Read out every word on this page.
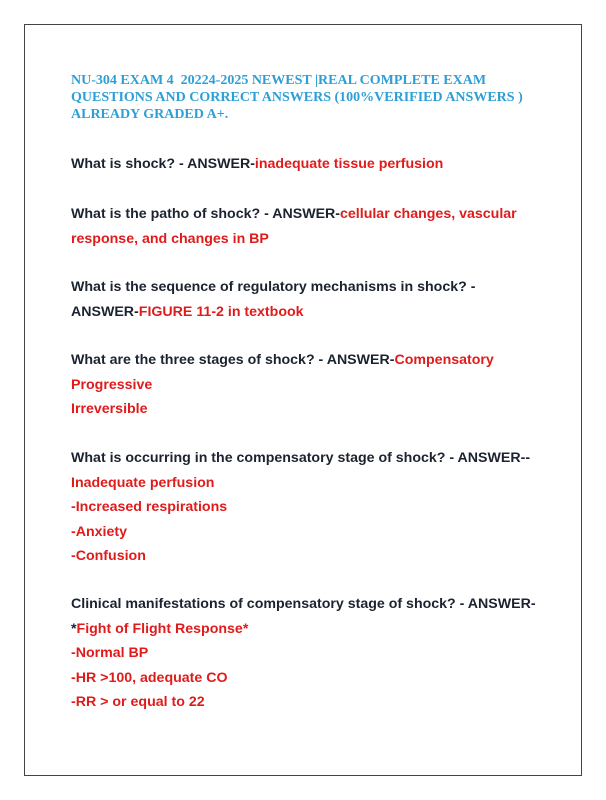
NU-304 EXAM 4  20224-2025 NEWEST |REAL COMPLETE EXAM QUESTIONS AND CORRECT ANSWERS (100%VERIFIED ANSWERS ) ALREADY GRADED A+.
What is shock? - ANSWER-inadequate tissue perfusion
What is the patho of shock? - ANSWER-cellular changes, vascular response, and changes in BP
What is the sequence of regulatory mechanisms in shock? - ANSWER-FIGURE 11-2 in textbook
What are the three stages of shock? - ANSWER-Compensatory
Progressive
Irreversible
What is occurring in the compensatory stage of shock? - ANSWER--
Inadequate perfusion
-Increased respirations
-Anxiety
-Confusion
Clinical manifestations of compensatory stage of shock? - ANSWER-
*Fight of Flight Response*
-Normal BP
-HR >100, adequate CO
-RR > or equal to 22
